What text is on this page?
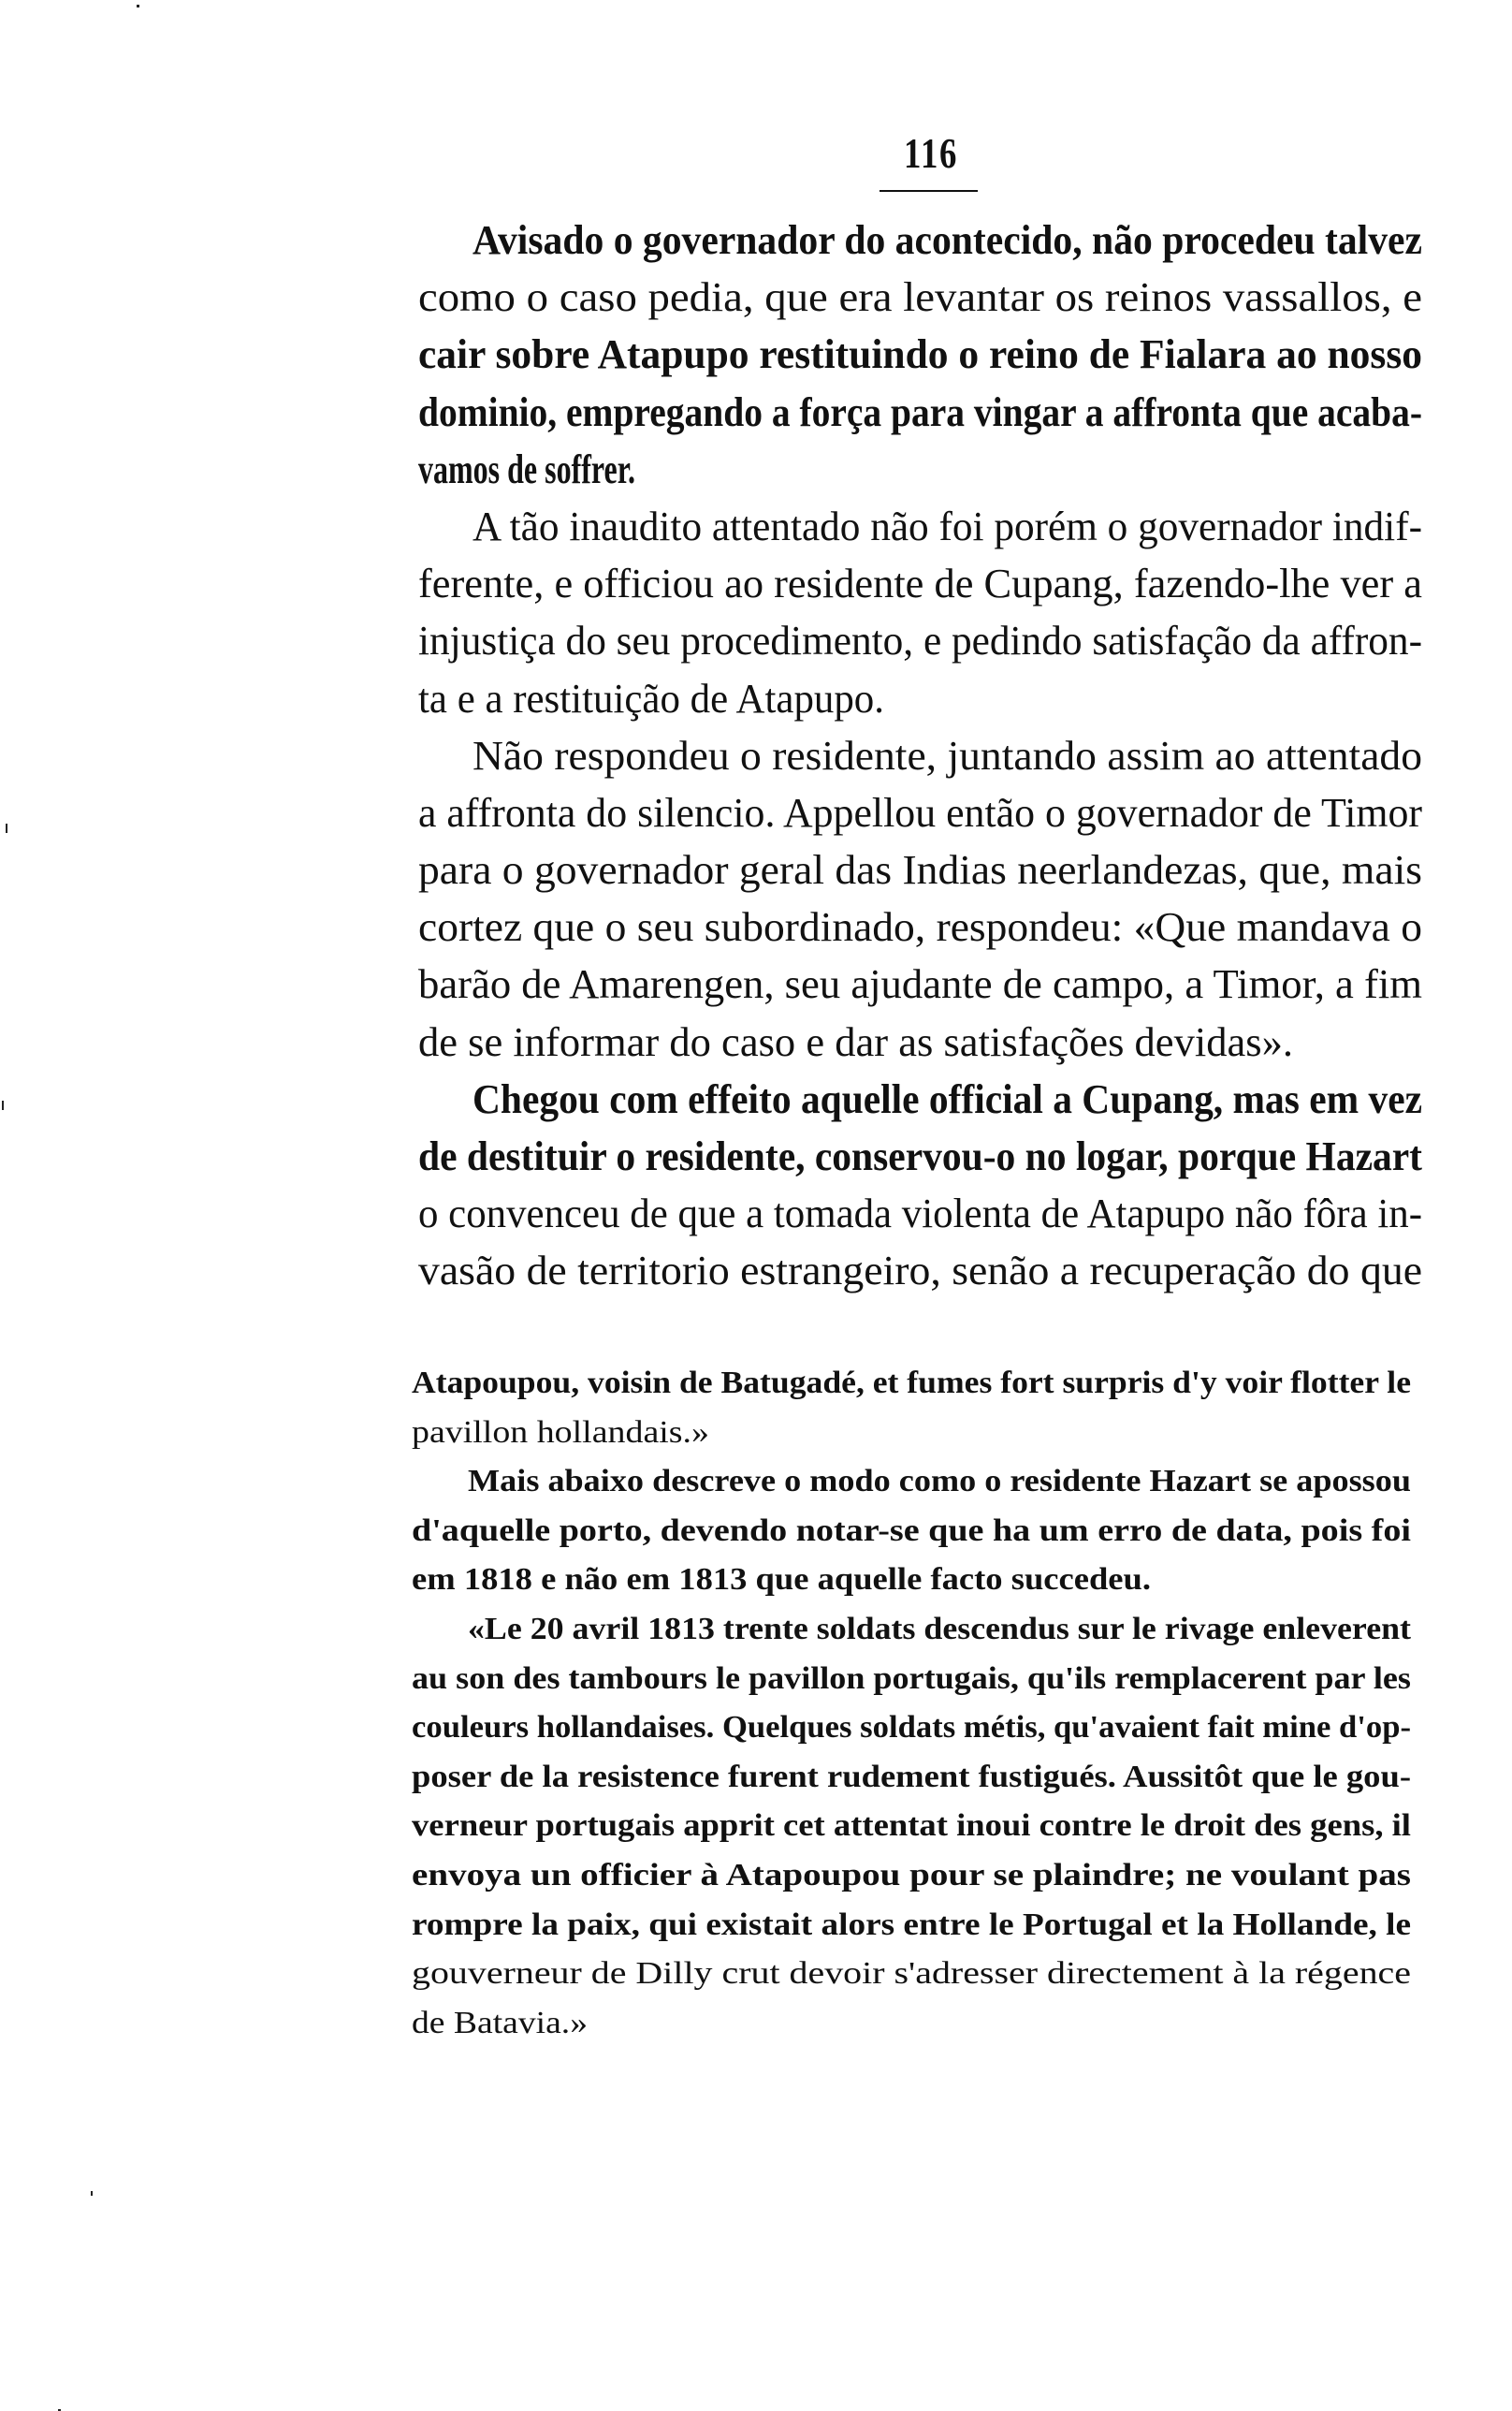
116
Avisado o governador do acontecido, não procedeu talvez
como o caso pedia, que era levantar os reinos vassallos, e
cair sobre Atapupo restituindo o reino de Fialara ao nosso
dominio, empregando a força para vingar a affronta que acaba-
vamos de soffrer.
A tão inaudito attentado não foi porém o governador indif-
ferente, e officiou ao residente de Cupang, fazendo-lhe ver a
injustiça do seu procedimento, e pedindo satisfação da affron-
ta e a restituição de Atapupo.
Não respondeu o residente, juntando assim ao attentado
a affronta do silencio. Appellou então o governador de Timor
para o governador geral das Indias neerlandezas, que, mais
cortez que o seu subordinado, respondeu: «Que mandava o
barão de Amarengen, seu ajudante de campo, a Timor, a fim
de se informar do caso e dar as satisfações devidas».
Chegou com effeito aquelle official a Cupang, mas em vez
de destituir o residente, conservou-o no logar, porque Hazart
o convenceu de que a tomada violenta de Atapupo não fôra in-
vasão de territorio estrangeiro, senão a recuperação do que
Atapoupou, voisin de Batugadé, et fumes fort surpris d'y voir flotter le
pavillon hollandais.»
Mais abaixo descreve o modo como o residente Hazart se apossou
d'aquelle porto, devendo notar-se que ha um erro de data, pois foi
em 1818 e não em 1813 que aquelle facto succedeu.
«Le 20 avril 1813 trente soldats descendus sur le rivage enleverent
au son des tambours le pavillon portugais, qu'ils remplacerent par les
couleurs hollandaises. Quelques soldats métis, qu'avaient fait mine d'op-
poser de la resistence furent rudement fustigués. Aussitôt que le gou-
verneur portugais apprit cet attentat inoui contre le droit des gens, il
envoya un officier à Atapoupou pour se plaindre; ne voulant pas
rompre la paix, qui existait alors entre le Portugal et la Hollande, le
gouverneur de Dilly crut devoir s'adresser directement à la régence
de Batavia.»
